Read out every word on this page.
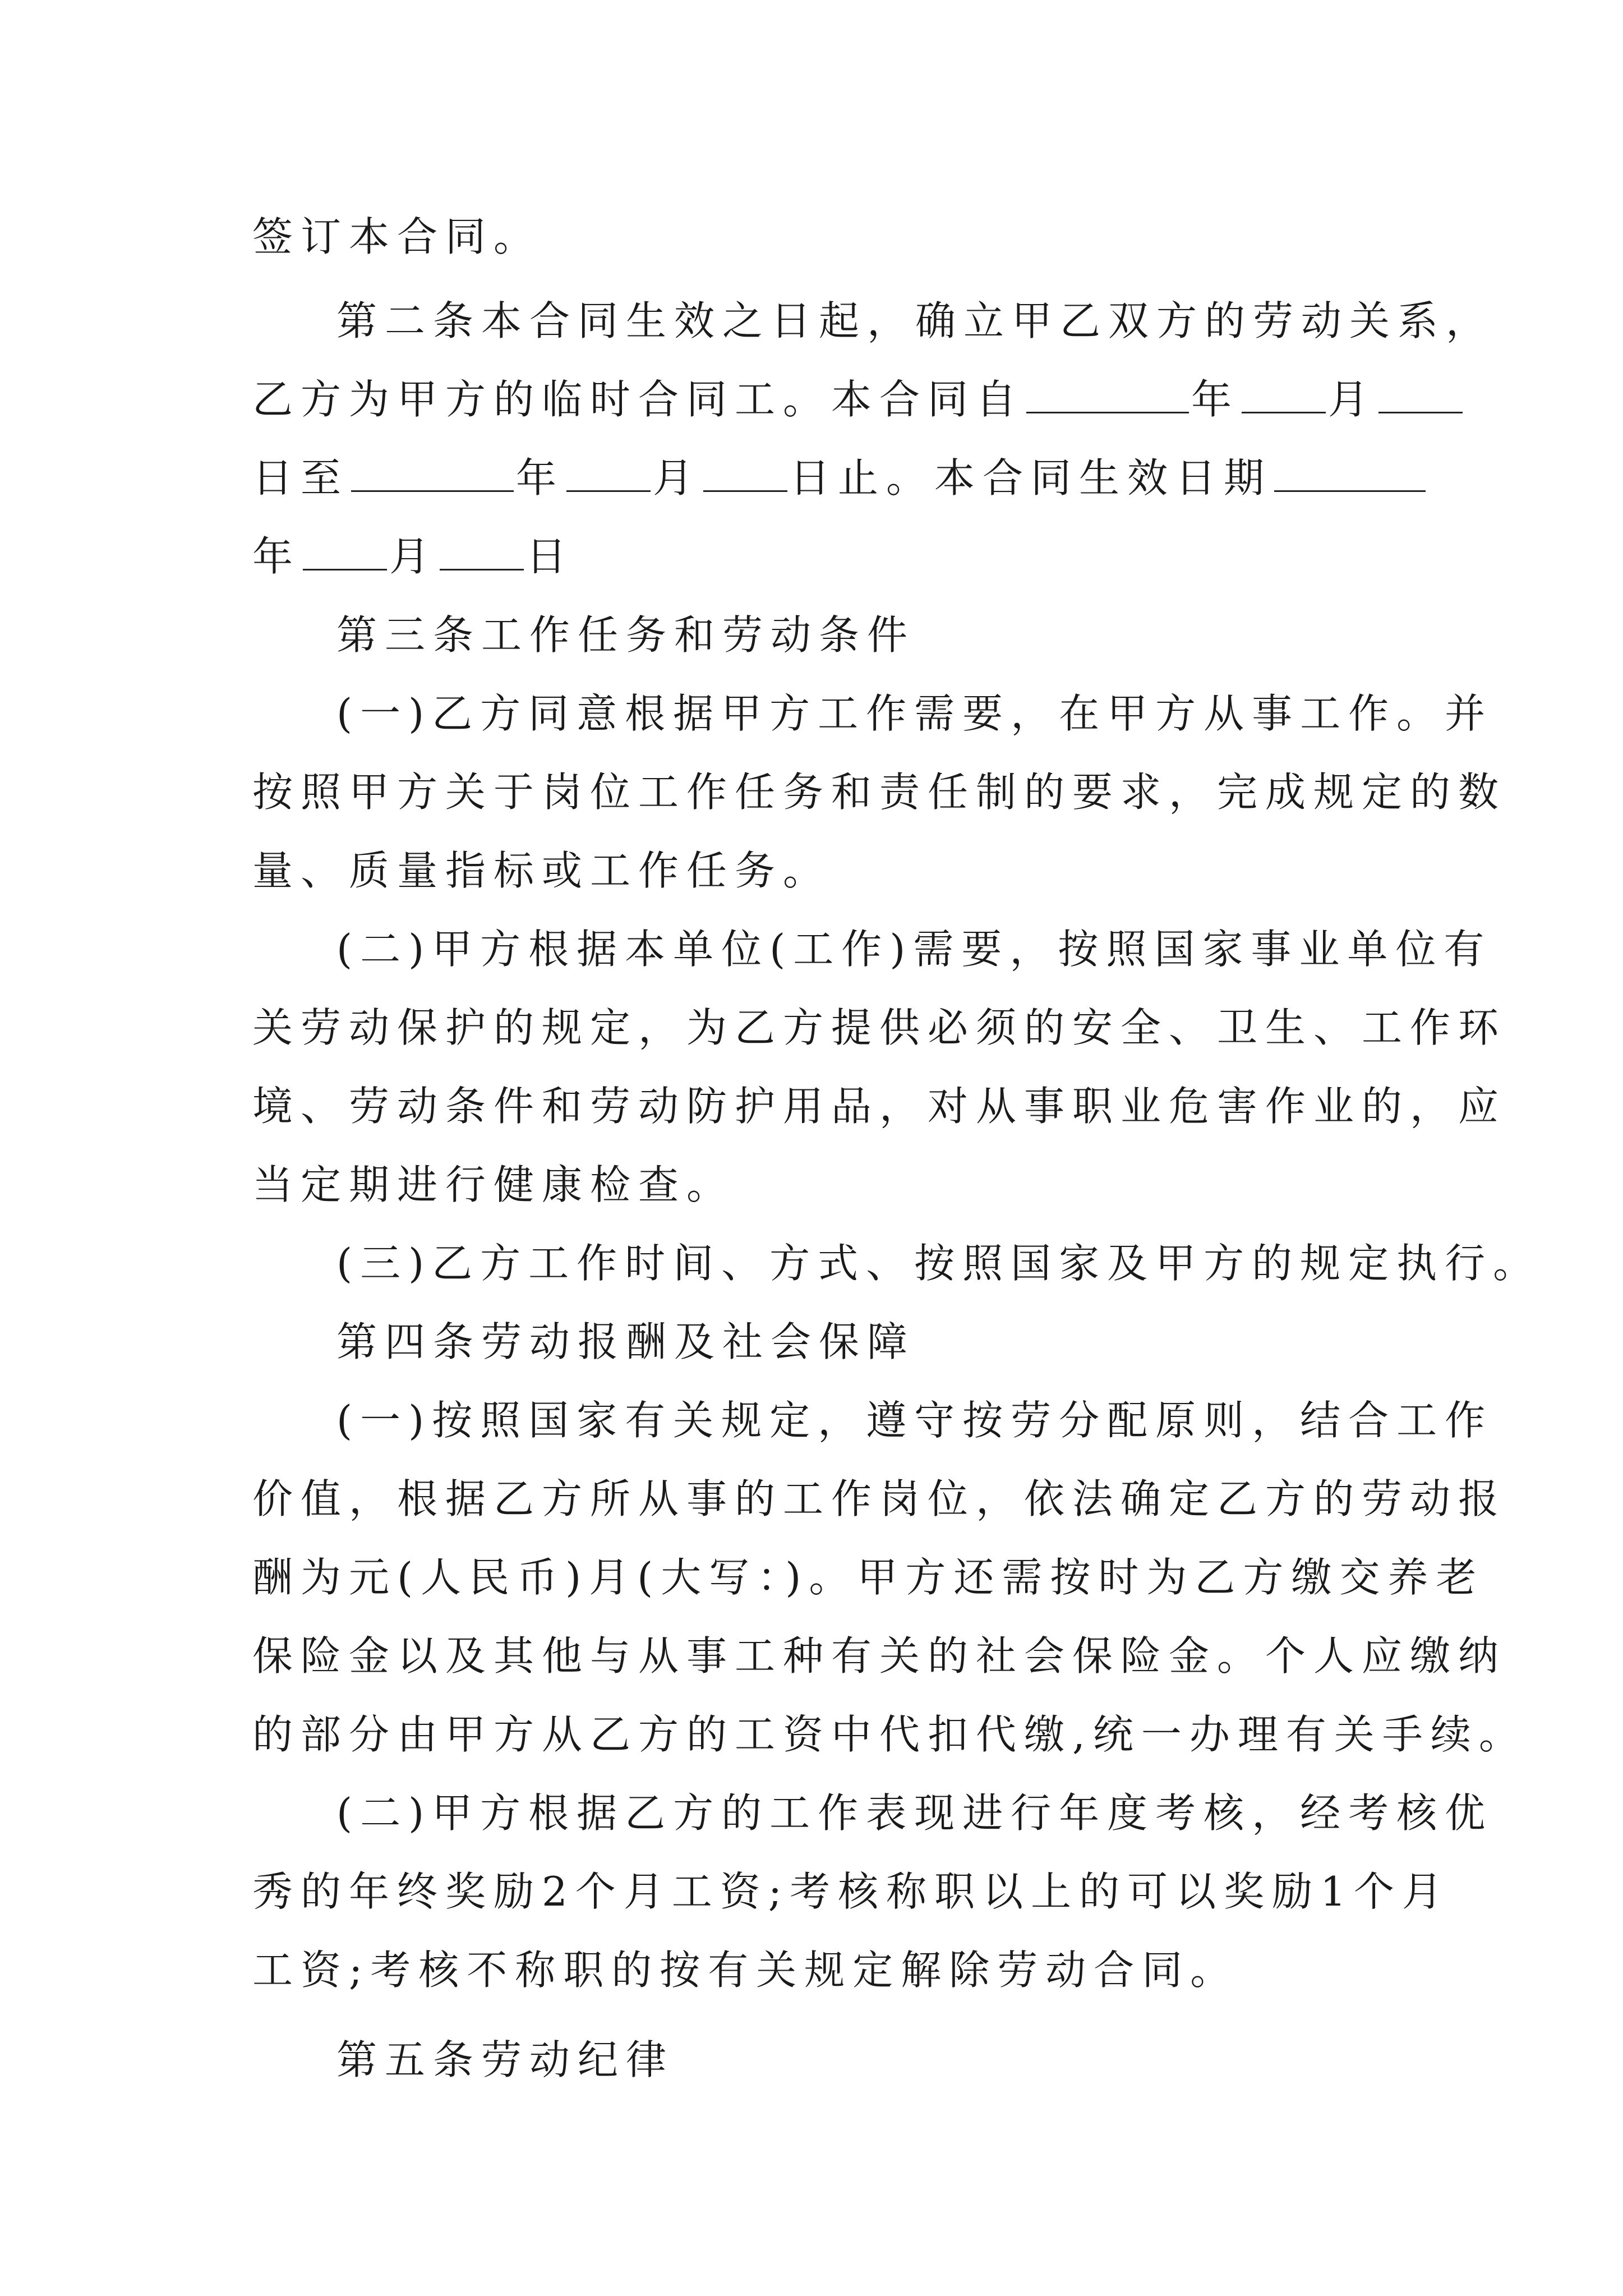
签订本合同。
第二条本合同生效之日起，确立甲乙双方的劳动关系，
乙方为甲方的临时合同工。本合同自	年 月
日至	年 月 日止。本合同生效日期
年 月 日
第三条工作任务和劳动条件
(一)乙方同意根据甲方工作需要，在甲方从事工作。并
按照甲方关于岗位工作任务和责任制的要求，完成规定的数
量、质量指标或工作任务。
(二)甲方根据本单位(工作)需要，按照国家事业单位有
关劳动保护的规定，为乙方提供必须的安全、卫生、工作环
境、劳动条件和劳动防护用品，对从事职业危害作业的，应
当定期进行健康检查。
(三)乙方工作时间、方式、按照国家及甲方的规定执行。
第四条劳动报酬及社会保障
(一)按照国家有关规定，遵守按劳分配原则，结合工作
价值，根据乙方所从事的工作岗位，依法确定乙方的劳动报
酬为元(人民币)月(大写：)。甲方还需按时为乙方缴交养老
保险金以及其他与从事工种有关的社会保险金。个人应缴纳
的部分由甲方从乙方的工资中代扣代缴,统一办理有关手续。
(二)甲方根据乙方的工作表现进行年度考核，经考核优
秀的年终奖励2个月工资;考核称职以上的可以奖励1个月
工资;考核不称职的按有关规定解除劳动合同。
第五条劳动纪律
